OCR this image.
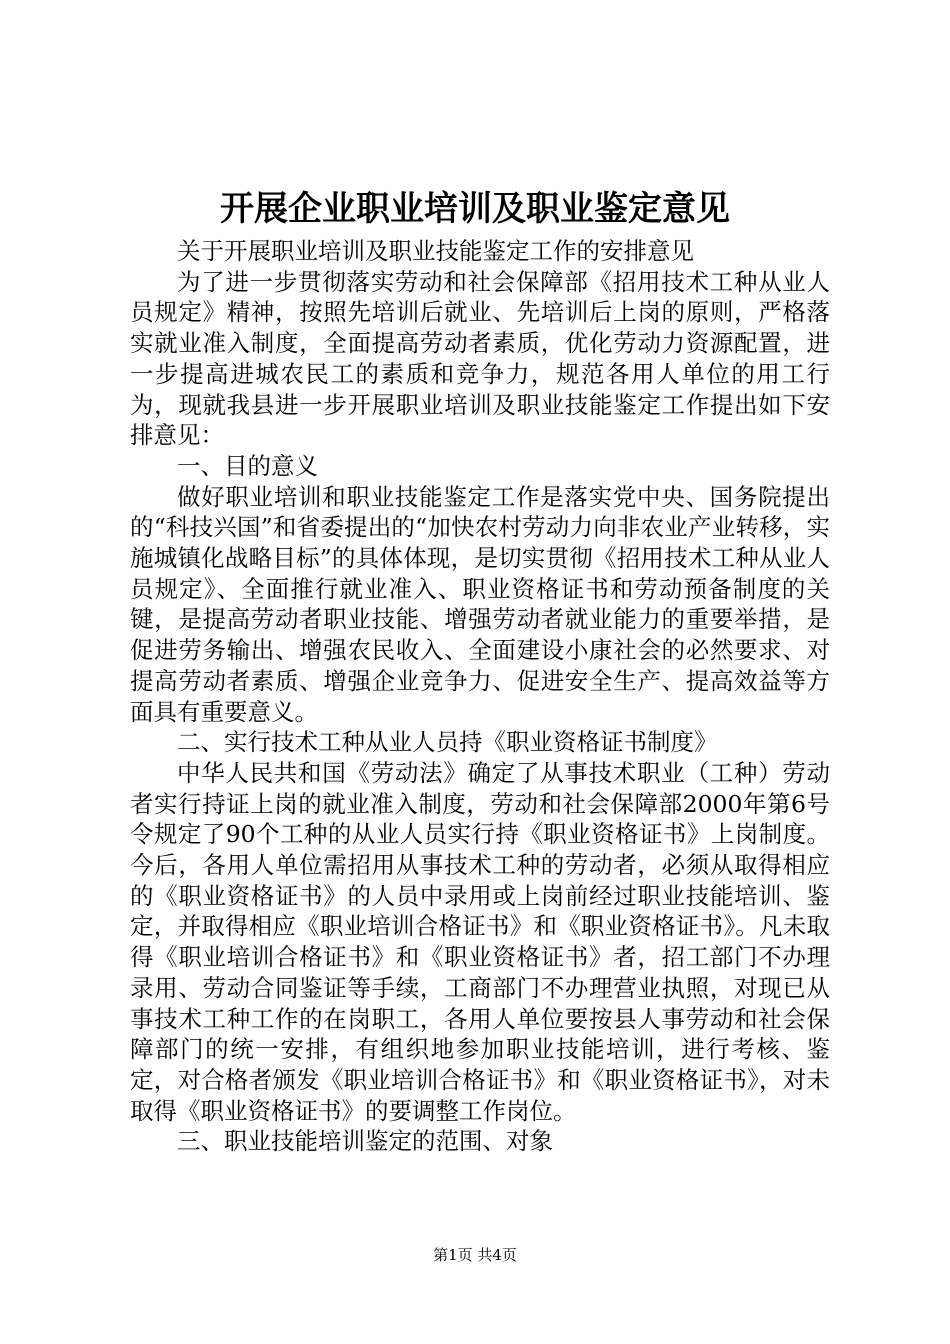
开展企业职业培训及职业鉴定意见

关于开展职业培训及职业技能鉴定工作的安排意见

为了进一步贯彻落实劳动和社会保障部《招用技术工种从业人员规定》精神，按照先培训后就业、先培训后上岗的原则，严格落实就业准入制度，全面提高劳动者素质，优化劳动力资源配置，进一步提高进城农民工的素质和竞争力，规范各用人单位的用工行为，现就我县进一步开展职业培训及职业技能鉴定工作提出如下安排意见：

一、目的意义

做好职业培训和职业技能鉴定工作是落实党中央、国务院提出的“科技兴国”和省委提出的“加快农村劳动力向非农业产业转移，实施城镇化战略目标”的具体体现，是切实贯彻《招用技术工种从业人员规定》、全面推行就业准入、职业资格证书和劳动预备制度的关键，是提高劳动者职业技能、增强劳动者就业能力的重要举措，是促进劳务输出、增强农民收入、全面建设小康社会的必然要求、对提高劳动者素质、增强企业竞争力、促进安全生产、提高效益等方面具有重要意义。

二、实行技术工种从业人员持《职业资格证书制度》

中华人民共和国《劳动法》确定了从事技术职业（工种）劳动者实行持证上岗的就业准入制度，劳动和社会保障部2000年第6号令规定了90个工种的从业人员实行持《职业资格证书》上岗制度。今后，各用人单位需招用从事技术工种的劳动者，必须从取得相应的《职业资格证书》的人员中录用或上岗前经过职业技能培训、鉴定，并取得相应《职业培训合格证书》和《职业资格证书》。凡未取得《职业培训合格证书》和《职业资格证书》者，招工部门不办理录用、劳动合同鉴证等手续，工商部门不办理营业执照，对现已从事技术工种工作的在岗职工，各用人单位要按县人事劳动和社会保障部门的统一安排，有组织地参加职业技能培训，进行考核、鉴定，对合格者颁发《职业培训合格证书》和《职业资格证书》，对未取得《职业资格证书》的要调整工作岗位。

三、职业技能培训鉴定的范围、对象

第1页 共4页
